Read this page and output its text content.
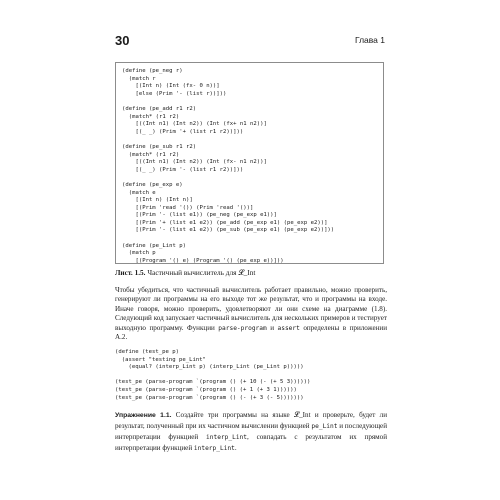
30	Глава 1
(define (pe_neg r)
(match r
[(Int n) (Int (fx- 0 n))]
[else (Prim '- (list r))]))

(define (pe_add r1 r2)
(match* (r1 r2)
[((Int n1) (Int n2)) (Int (fx+ n1 n2))]
[(_ _) (Prim '+ (list r1 r2))]))

(define (pe_sub r1 r2)
(match* (r1 r2)
[((Int n1) (Int n2)) (Int (fx- n1 n2))]
[(_ _) (Prim '- (list r1 r2))]))

(define (pe_exp e)
(match e
[(Int n) (Int n)]
[(Prim 'read '()) (Prim 'read '())]
[(Prim '- (list e1)) (pe_neg (pe_exp e1))]
[(Prim '+ (list e1 e2)) (pe_add (pe_exp e1) (pe_exp e2))]
[(Prim '- (list e1 e2)) (pe_sub (pe_exp e1) (pe_exp e2))]))

(define (pe_Lint p)
(match p
[(Program '() e) (Program '() (pe_exp e))]))
Лист. 1.5. Частичный вычислитель для 𝓛_Int
Чтобы убедиться, что частичный вычислитель работает правильно, можно проверить, генерируют ли программы на его выходе тот же результат, что и программы на входе. Иначе говоря, можно проверить, удовлетворяют ли они схеме на диаграмме (1.8). Следующий код запускает частичный вычислитель для нескольких примеров и тестирует выходную программу. Функции parse-program и assert определены в приложении A.2.
(define (test_pe p)
(assert "testing pe_Lint"
(equal? (interp_Lint p) (interp_Lint (pe_Lint p)))))

(test_pe (parse-program `(program () (+ 10 (- (+ 5 3))))))
(test_pe (parse-program `(program () (+ 1 (+ 3 1))))))
(test_pe (parse-program `(program () (- (+ 3 (- 5)))))))
Упражнение 1.1. Создайте три программы на языке 𝓛_Int и проверьте, будет ли результат, полученный при их частичном вычислении функцией pe_Lint и последующей интерпретации функцией interp_Lint, совпадать с результатом их прямой интерпретации функцией interp_Lint.
